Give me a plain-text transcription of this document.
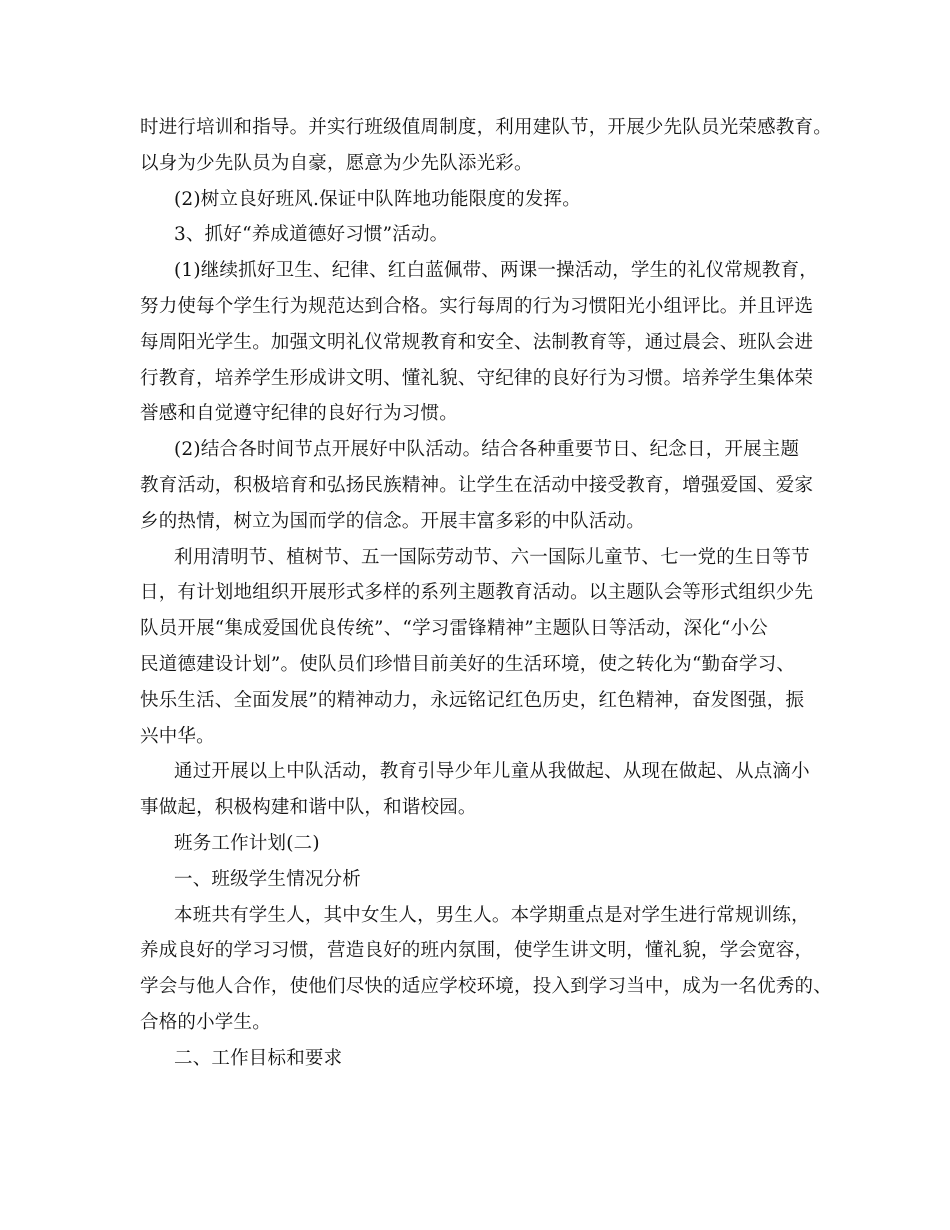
时进行培训和指导。并实行班级值周制度，利用建队节，开展少先队员光荣感教育。
以身为少先队员为自豪，愿意为少先队添光彩。
(2)树立良好班风.保证中队阵地功能限度的发挥。
3、抓好“养成道德好习惯”活动。
(1)继续抓好卫生、纪律、红白蓝佩带、两课一操活动，学生的礼仪常规教育，
努力使每个学生行为规范达到合格。实行每周的行为习惯阳光小组评比。并且评选
每周阳光学生。加强文明礼仪常规教育和安全、法制教育等，通过晨会、班队会进
行教育，培养学生形成讲文明、懂礼貌、守纪律的良好行为习惯。培养学生集体荣
誉感和自觉遵守纪律的良好行为习惯。
(2)结合各时间节点开展好中队活动。结合各种重要节日、纪念日，开展主题
教育活动，积极培育和弘扬民族精神。让学生在活动中接受教育，增强爱国、爱家
乡的热情，树立为国而学的信念。开展丰富多彩的中队活动。
利用清明节、植树节、五一国际劳动节、六一国际儿童节、七一党的生日等节
日，有计划地组织开展形式多样的系列主题教育活动。以主题队会等形式组织少先
队员开展“集成爱国优良传统”、“学习雷锋精神”主题队日等活动，深化“小公
民道德建设计划”。使队员们珍惜目前美好的生活环境，使之转化为“勤奋学习、
快乐生活、全面发展”的精神动力，永远铭记红色历史，红色精神，奋发图强，振
兴中华。
通过开展以上中队活动，教育引导少年儿童从我做起、从现在做起、从点滴小
事做起，积极构建和谐中队，和谐校园。
班务工作计划(二)
一、班级学生情况分析
本班共有学生人，其中女生人，男生人。本学期重点是对学生进行常规训练，
养成良好的学习习惯，营造良好的班内氛围，使学生讲文明，懂礼貌，学会宽容，
学会与他人合作，使他们尽快的适应学校环境，投入到学习当中，成为一名优秀的、
合格的小学生。
二、工作目标和要求
